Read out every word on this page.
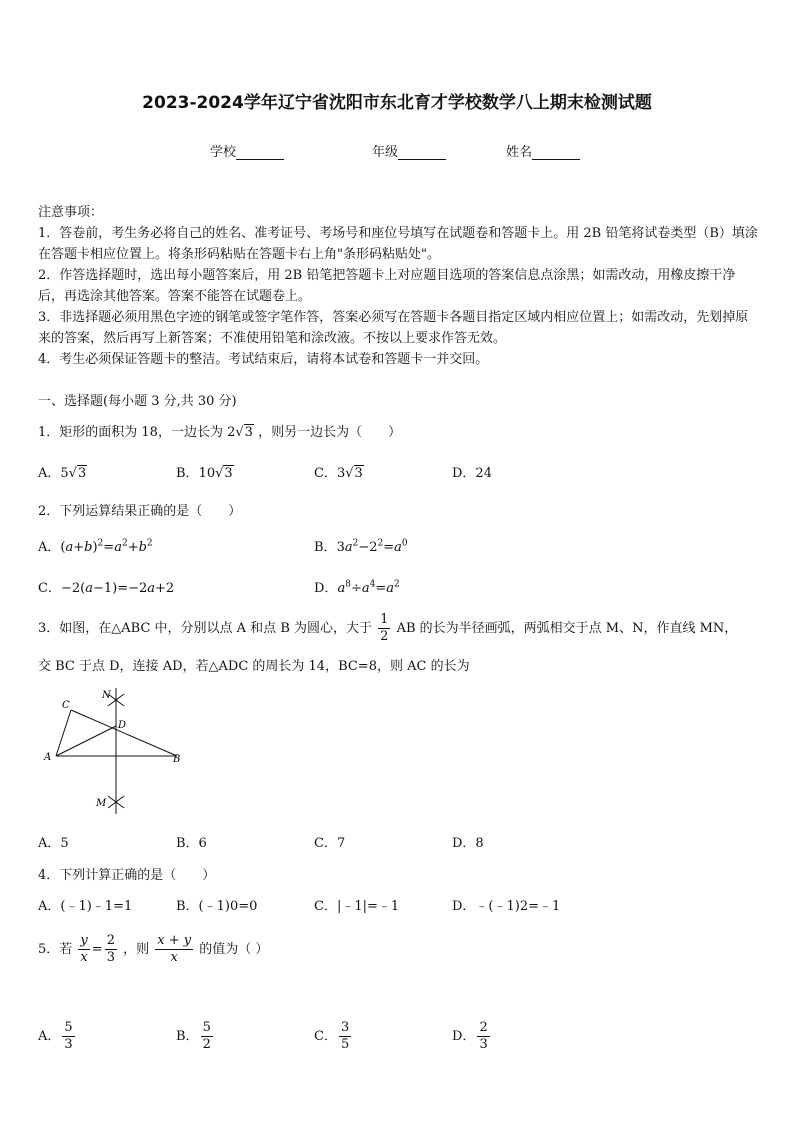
2023-2024学年辽宁省沈阳市东北育才学校数学八上期末检测试题
学校	年级	姓名

注意事项：

1．答卷前，考生务必将自己的姓名、准考证号、考场号和座位号填写在试题卷和答题卡上。用 2B 铅笔将试卷类型（B）填涂在答题卡相应位置上。将条形码粘贴在答题卡右上角"条形码粘贴处"。

2．作答选择题时，选出每小题答案后，用 2B 铅笔把答题卡上对应题目选项的答案信息点涂黑；如需改动，用橡皮擦干净后，再选涂其他答案。答案不能答在试题卷上。

3．非选择题必须用黑色字迹的钢笔或签字笔作答，答案必须写在答题卡各题目指定区域内相应位置上；如需改动，先划掉原来的答案，然后再写上新答案；不准使用铅笔和涂改液。不按以上要求作答无效。

4．考生必须保证答题卡的整洁。考试结束后，请将本试卷和答题卡一并交回。

一、选择题(每小题 3 分,共 30 分)
1．矩形的面积为 18，一边长为 2√3 ，则另一边长为（　　）
A．5√3	B．10√3	C．3√3	D．24
2．下列运算结果正确的是（　　）
A．$(a+b)^2=a^2+b^2$	B．$3a^2-2^2=a^0$
C．−2(a−1)=−2a+2	D．$a^8\div a^4=a^2$
3．如图，在△ABC 中，分别以点 A 和点 B 为圆心，大于 $\frac{1}{2}$ AB 的长为半径画弧，两弧相交于点 M、N，作直线 MN，
交 BC 于点 D，连接 AD，若△ADC 的周长为 14，BC=8，则 AC 的长为
N
C
D
A	B
M
A．5	B．6	C．7	D．8
4．下列计算正确的是（　　）
A．(﹣1)﹣1=1	B．(﹣1)0=0	C．|﹣1|=﹣1	D．﹣(﹣1)2=﹣1
5．若 $\frac{y}{x} = \frac{2}{3}$ ，则 $\frac{x + y}{x}$ 的值为（ ）
A． $\frac{5}{3}$	B． $\frac{5}{2}$	C． $\frac{3}{5}$	D． $\frac{2}{3}$
